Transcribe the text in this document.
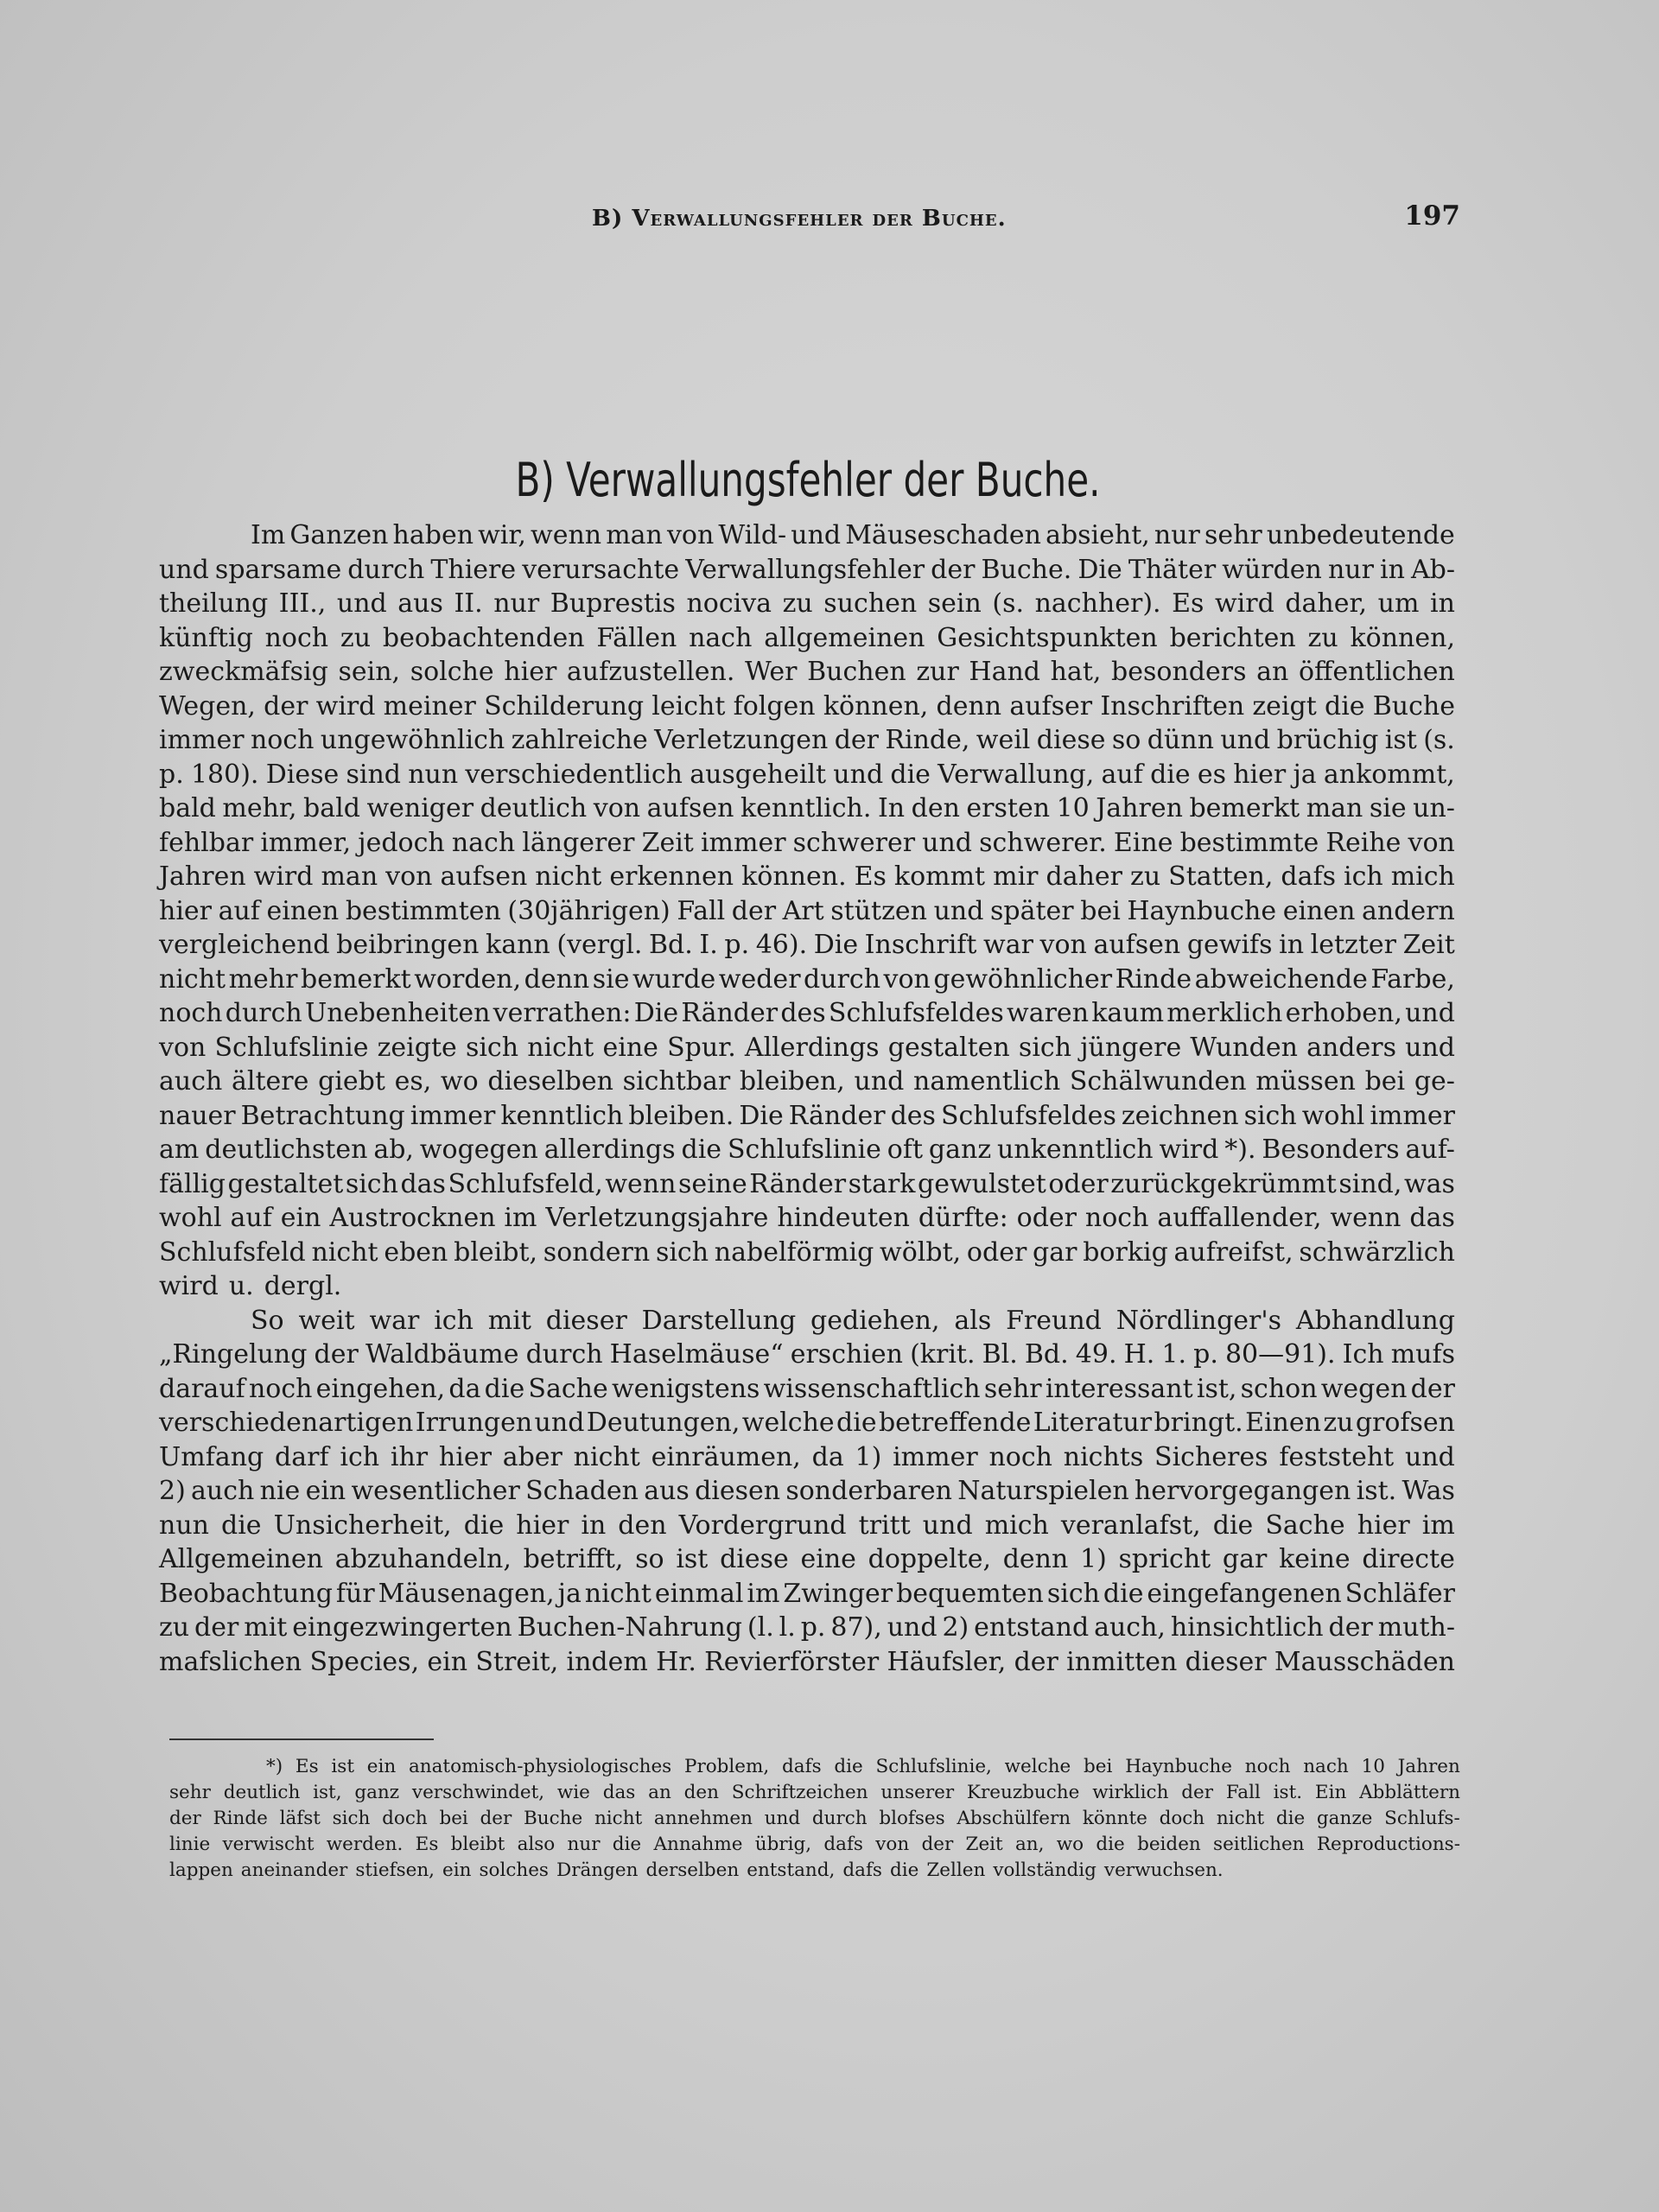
B) Verwallungsfehler der Buche.	197
B) Verwallungsfehler der Buche.
Im Ganzen haben wir, wenn man von Wild- und Mäuseschaden absieht, nur sehr unbedeutende
und sparsame durch Thiere verursachte Verwallungsfehler der Buche. Die Thäter würden nur in Ab-
theilung III., und aus II. nur Buprestis nociva zu suchen sein (s. nachher). Es wird daher, um in
künftig noch zu beobachtenden Fällen nach allgemeinen Gesichtspunkten berichten zu können,
zweckmäfsig sein, solche hier aufzustellen. Wer Buchen zur Hand hat, besonders an öffentlichen
Wegen, der wird meiner Schilderung leicht folgen können, denn aufser Inschriften zeigt die Buche
immer noch ungewöhnlich zahlreiche Verletzungen der Rinde, weil diese so dünn und brüchig ist (s.
p. 180). Diese sind nun verschiedentlich ausgeheilt und die Verwallung, auf die es hier ja ankommt,
bald mehr, bald weniger deutlich von aufsen kenntlich. In den ersten 10 Jahren bemerkt man sie un-
fehlbar immer, jedoch nach längerer Zeit immer schwerer und schwerer. Eine bestimmte Reihe von
Jahren wird man von aufsen nicht erkennen können. Es kommt mir daher zu Statten, dafs ich mich
hier auf einen bestimmten (30jährigen) Fall der Art stützen und später bei Haynbuche einen andern
vergleichend beibringen kann (vergl. Bd. I. p. 46). Die Inschrift war von aufsen gewifs in letzter Zeit
nicht mehr bemerkt worden, denn sie wurde weder durch von gewöhnlicher Rinde abweichende Farbe,
noch durch Unebenheiten verrathen: Die Ränder des Schlufsfeldes waren kaum merklich erhoben, und
von Schlufslinie zeigte sich nicht eine Spur. Allerdings gestalten sich jüngere Wunden anders und
auch ältere giebt es, wo dieselben sichtbar bleiben, und namentlich Schälwunden müssen bei ge-
nauer Betrachtung immer kenntlich bleiben. Die Ränder des Schlufsfeldes zeichnen sich wohl immer
am deutlichsten ab, wogegen allerdings die Schlufslinie oft ganz unkenntlich wird *). Besonders auf-
fällig gestaltet sich das Schlufsfeld, wenn seine Ränder stark gewulstet oder zurückgekrümmt sind, was
wohl auf ein Austrocknen im Verletzungsjahre hindeuten dürfte: oder noch auffallender, wenn das
Schlufsfeld nicht eben bleibt, sondern sich nabelförmig wölbt, oder gar borkig aufreifst, schwärzlich
wird u. dergl.
So weit war ich mit dieser Darstellung gediehen, als Freund Nördlinger's Abhandlung
„Ringelung der Waldbäume durch Haselmäuse“ erschien (krit. Bl. Bd. 49. H. 1. p. 80—91). Ich mufs
darauf noch eingehen, da die Sache wenigstens wissenschaftlich sehr interessant ist, schon wegen der
verschiedenartigen Irrungen und Deutungen, welche die betreffende Literatur bringt. Einen zu grofsen
Umfang darf ich ihr hier aber nicht einräumen, da 1) immer noch nichts Sicheres feststeht und
2) auch nie ein wesentlicher Schaden aus diesen sonderbaren Naturspielen hervorgegangen ist. Was
nun die Unsicherheit, die hier in den Vordergrund tritt und mich veranlafst, die Sache hier im
Allgemeinen abzuhandeln, betrifft, so ist diese eine doppelte, denn 1) spricht gar keine directe
Beobachtung für Mäusenagen, ja nicht einmal im Zwinger bequemten sich die eingefangenen Schläfer
zu der mit eingezwingerten Buchen-Nahrung (l. l. p. 87), und 2) entstand auch, hinsichtlich der muth-
mafslichen Species, ein Streit, indem Hr. Revierförster Häufsler, der inmitten dieser Mausschäden
*) Es ist ein anatomisch-physiologisches Problem, dafs die Schlufslinie, welche bei Haynbuche noch nach 10 Jahren
sehr deutlich ist, ganz verschwindet, wie das an den Schriftzeichen unserer Kreuzbuche wirklich der Fall ist. Ein Abblättern
der Rinde läfst sich doch bei der Buche nicht annehmen und durch blofses Abschülfern könnte doch nicht die ganze Schlufs-
linie verwischt werden. Es bleibt also nur die Annahme übrig, dafs von der Zeit an, wo die beiden seitlichen Reproductions-
lappen aneinander stiefsen, ein solches Drängen derselben entstand, dafs die Zellen vollständig verwuchsen.
